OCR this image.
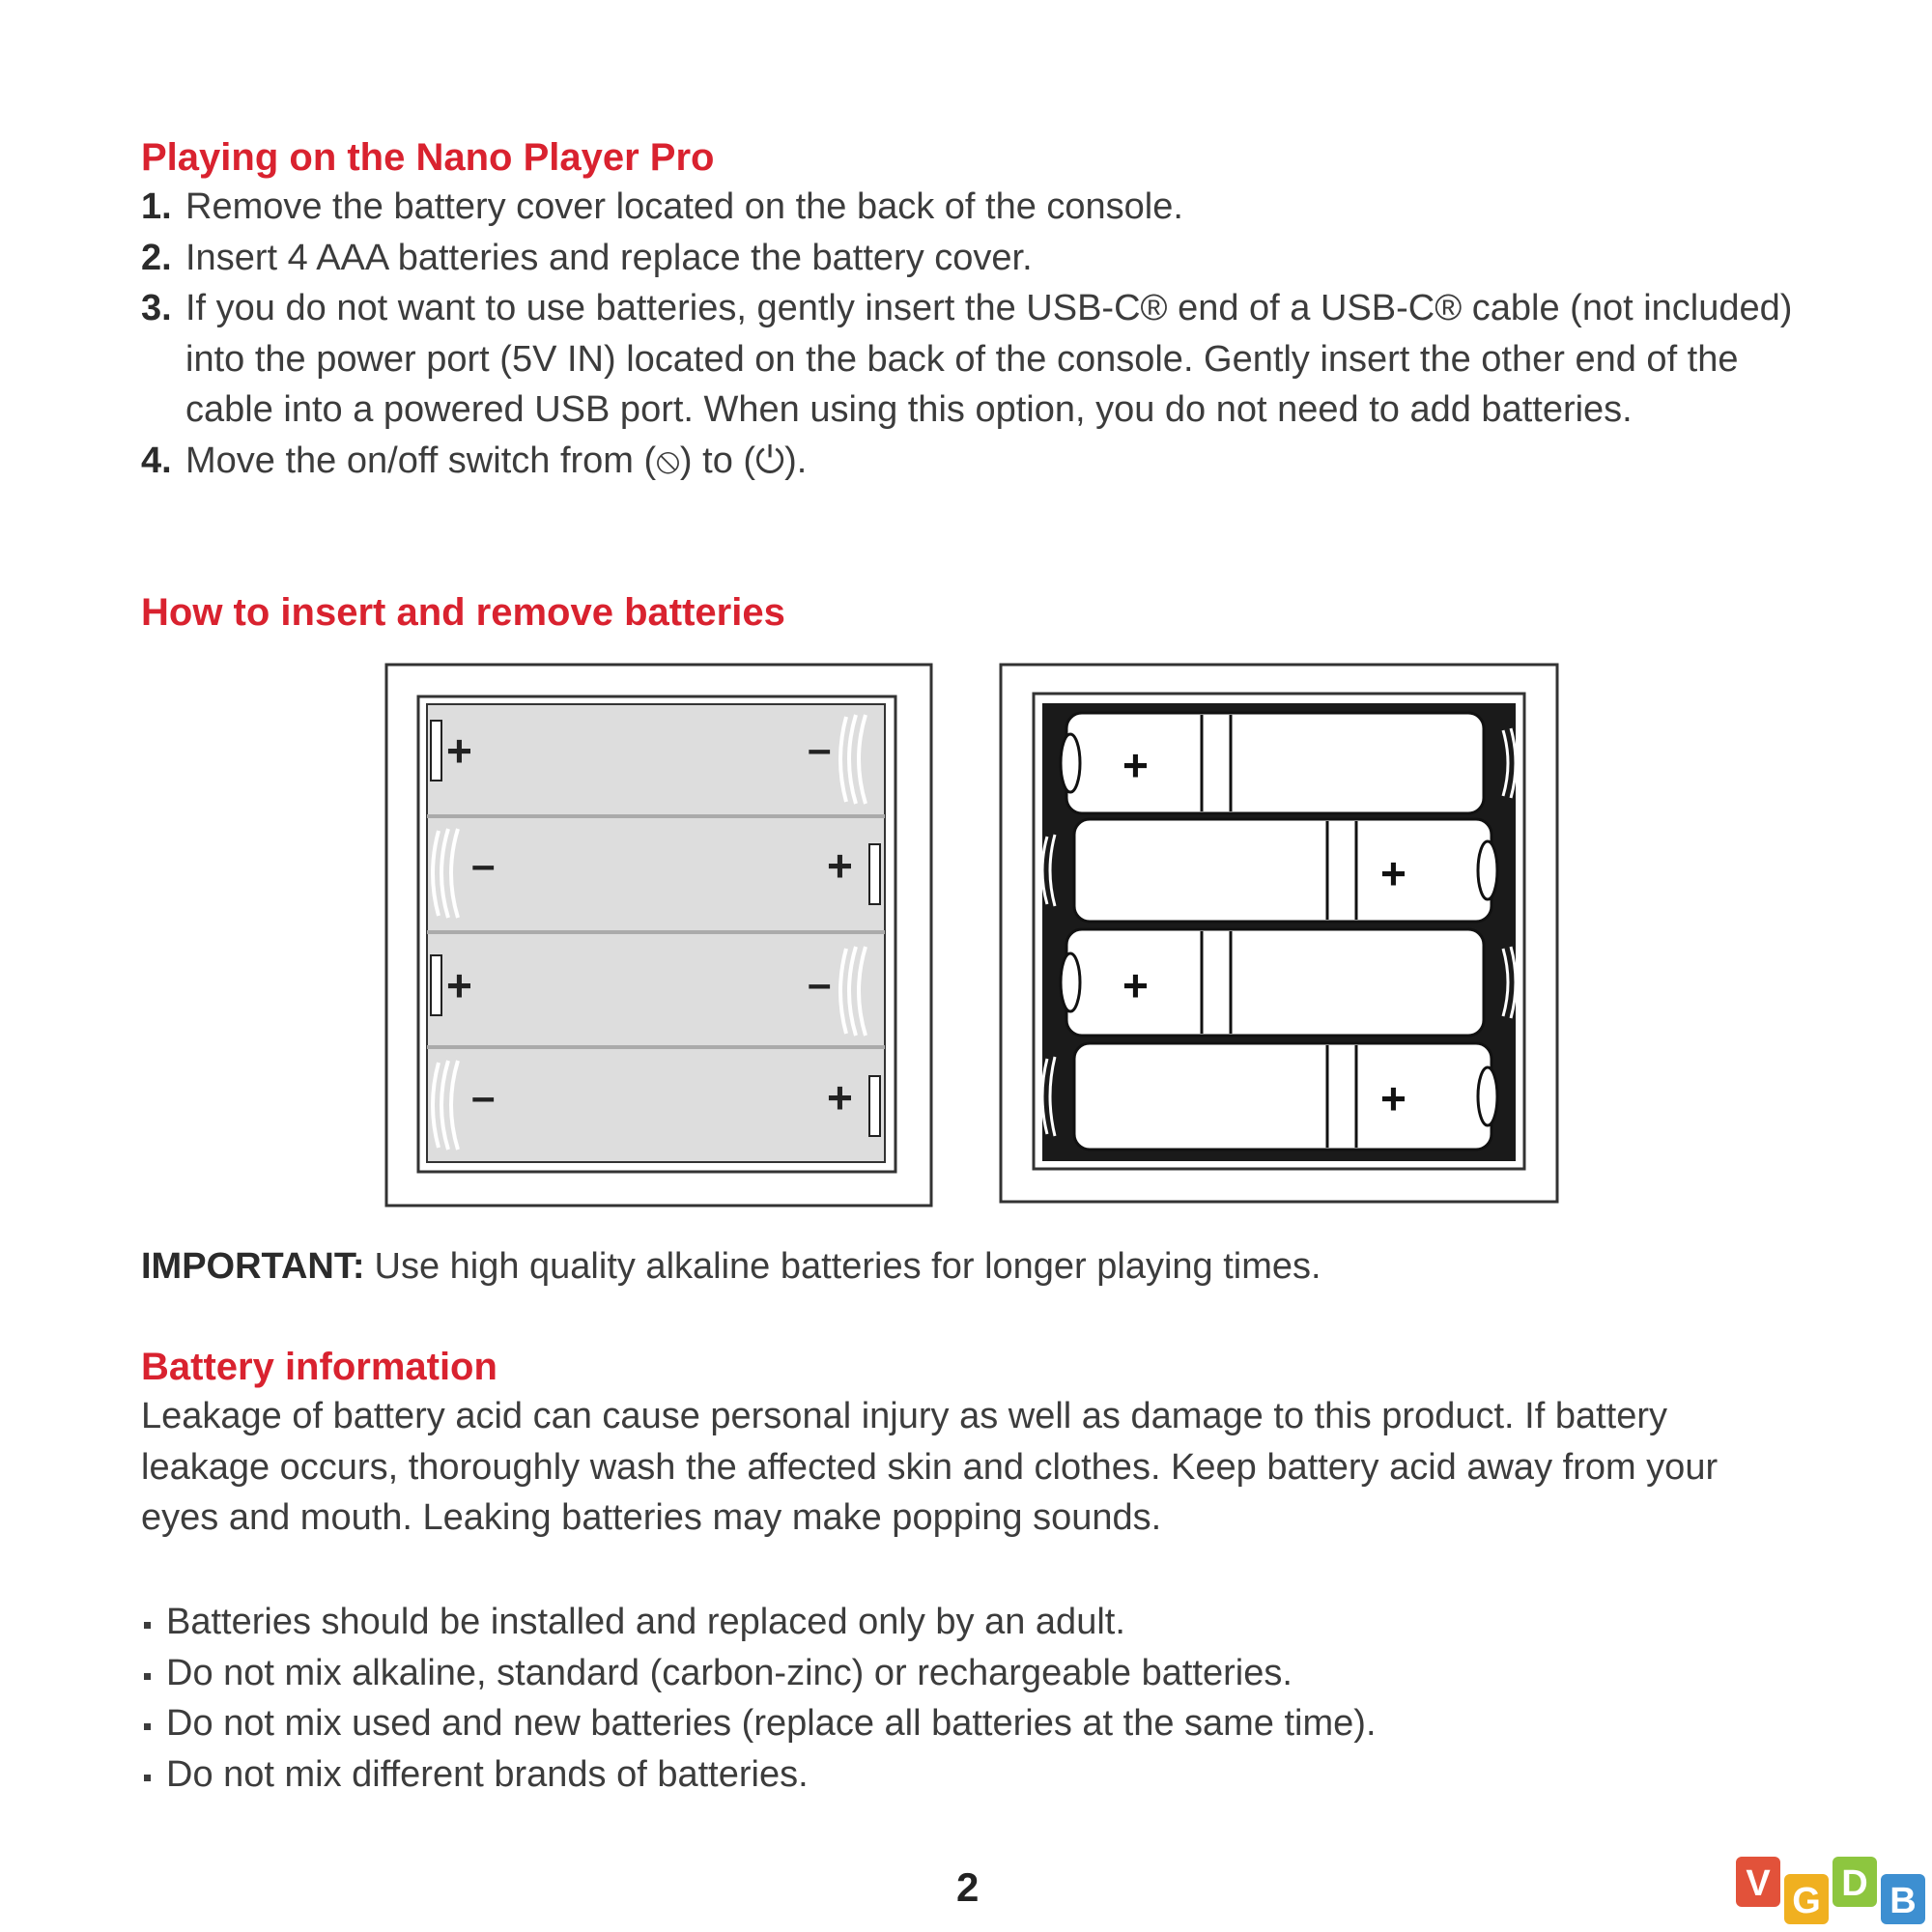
Playing on the Nano Player Pro
1. Remove the battery cover located on the back of the console.
2. Insert 4 AAA batteries and replace the battery cover.
3. If you do not want to use batteries, gently insert the USB-C® end of a USB-C® cable (not included) into the power port (5V IN) located on the back of the console. Gently insert the other end of the cable into a powered USB port. When using this option, you do not need to add batteries.
4. Move the on/off switch from (⦸) to (⏻).
How to insert and remove batteries
+	–
–	+
+	–
–	+
+
+
+
+

IMPORTANT: Use high quality alkaline batteries for longer playing times.

Battery information

Leakage of battery acid can cause personal injury as well as damage to this product. If battery leakage occurs, thoroughly wash the affected skin and clothes. Keep battery acid away from your eyes and mouth. Leaking batteries may make popping sounds.

Batteries should be installed and replaced only by an adult.
Do not mix alkaline, standard (carbon-zinc) or rechargeable batteries.
Do not mix used and new batteries (replace all batteries at the same time).
Do not mix different brands of batteries.
2	V G D B
